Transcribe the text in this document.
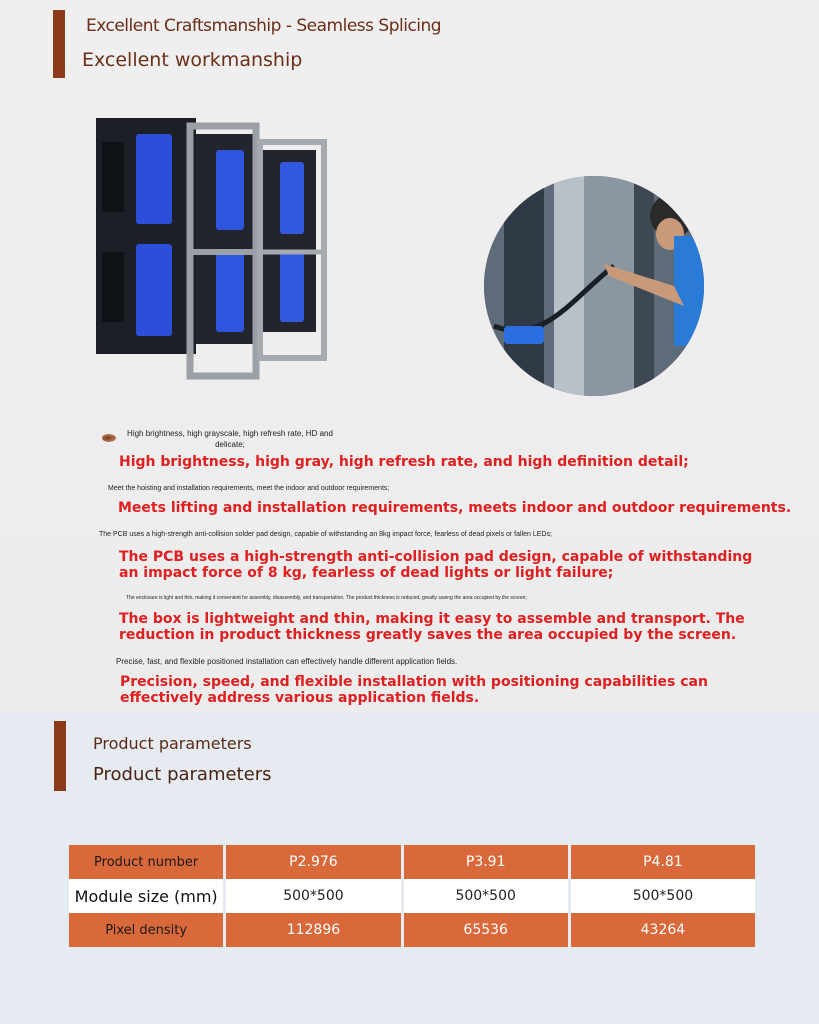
Excellent Craftsmanship - Seamless Splicing
Excellent workmanship
High brightness, high grayscale, high refresh rate, HD and delicate;
High brightness, high gray, high refresh rate, and high definition detail;
Meet the hoisting and installation requirements, meet the indoor and outdoor requirements;
Meets lifting and installation requirements, meets indoor and outdoor requirements.
The PCB uses a high-strength anti-collision solder pad design, capable of withstanding an 8kg impact force, fearless of dead pixels or fallen LEDs;
The PCB uses a high-strength anti-collision pad design, capable of withstanding an impact force of 8 kg, fearless of dead lights or light failure;
The enclosure is light and thin, making it convenient for assembly, disassembly, and transportation. The product thickness is reduced, greatly saving the area occupied by the screen;
The box is lightweight and thin, making it easy to assemble and transport. The reduction in product thickness greatly saves the area occupied by the screen.
Precise, fast, and flexible positioned installation can effectively handle different application fields.
Precision, speed, and flexible installation with positioning capabilities can effectively address various application fields.
Product parameters
Product parameters
Product number	P2.976	P3.91	P4.81
Module size (mm)	500*500	500*500	500*500
Pixel density	112896	65536	43264
